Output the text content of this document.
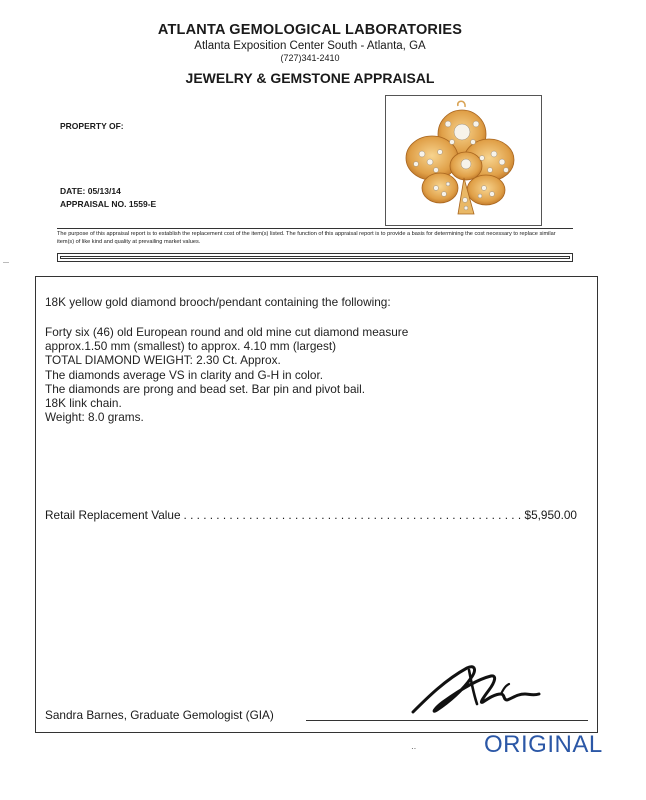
ATLANTA GEMOLOGICAL LABORATORIES
Atlanta Exposition Center South - Atlanta, GA
(727)341-2410
JEWELRY & GEMSTONE APPRAISAL
PROPERTY OF:
DATE: 05/13/14
APPRAISAL NO. 1559-E
The purpose of this appraisal report is to establish the replacement cost of the item(s) listed. The function of this appraisal report is to provide a basis for determining the cost necessary to replace similar item(s) of like kind and quality at prevailing market values.
18K yellow gold diamond brooch/pendant containing the following:
Forty six (46) old European round and old mine cut diamond measure
approx.1.50 mm (smallest) to approx. 4.10 mm (largest)
TOTAL DIAMOND WEIGHT: 2.30 Ct. Approx.
The diamonds average VS in clarity and G-H in color.
The diamonds are prong and bead set. Bar pin and pivot bail.
18K link chain.
Weight: 8.0 grams.
Retail Replacement Value
. . .	$5,950.00
Sandra Barnes, Graduate Gemologist (GIA)
ORIGINAL
··
